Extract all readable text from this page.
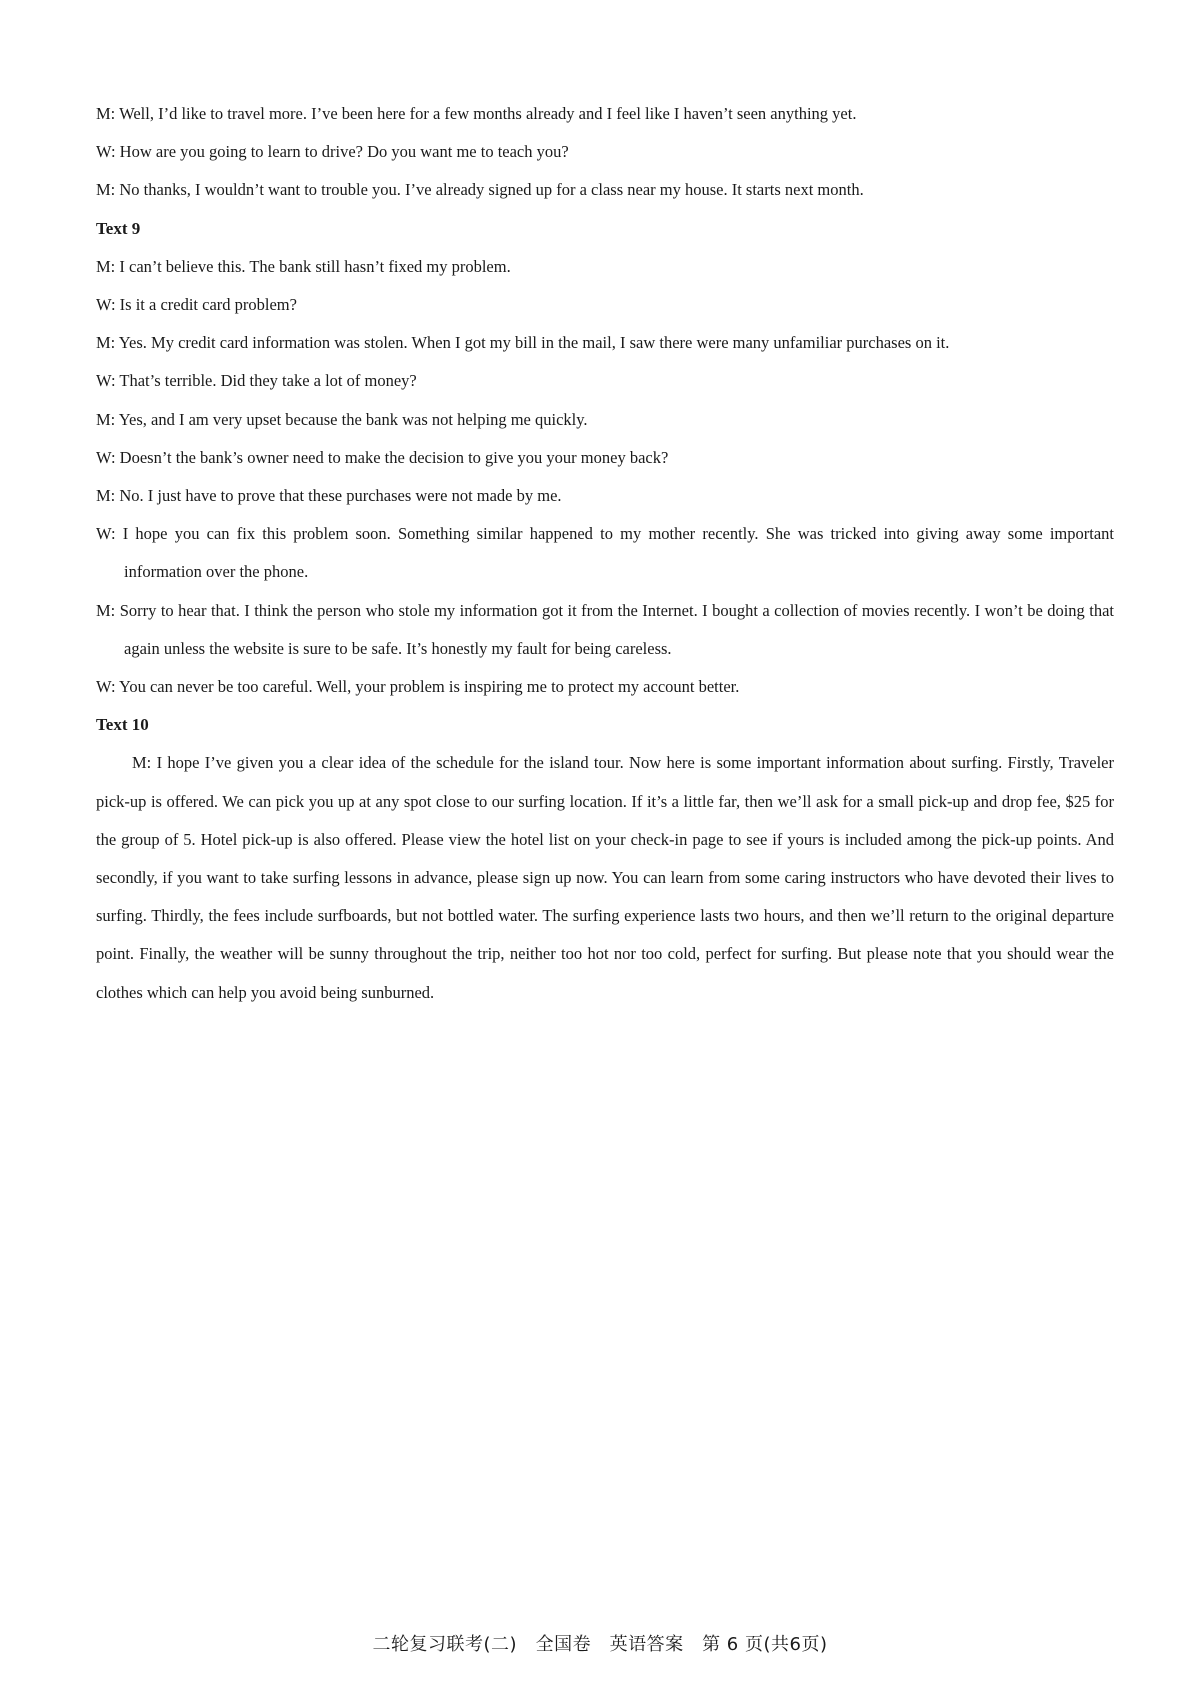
M: Well, I’d like to travel more. I’ve been here for a few months already and I feel like I haven’t seen anything yet.

W: How are you going to learn to drive? Do you want me to teach you?

M: No thanks, I wouldn’t want to trouble you. I’ve already signed up for a class near my house. It starts next month.

Text 9

M: I can’t believe this. The bank still hasn’t fixed my problem.

W: Is it a credit card problem?

M: Yes. My credit card information was stolen. When I got my bill in the mail, I saw there were many unfamiliar purchases on it.

W: That’s terrible. Did they take a lot of money?

M: Yes, and I am very upset because the bank was not helping me quickly.

W: Doesn’t the bank’s owner need to make the decision to give you your money back?

M: No. I just have to prove that these purchases were not made by me.

W: I hope you can fix this problem soon. Something similar happened to my mother recently. She was tricked into giving away some important information over the phone.

M: Sorry to hear that. I think the person who stole my information got it from the Internet. I bought a collection of movies recently. I won’t be doing that again unless the website is sure to be safe. It’s honestly my fault for being careless.

W: You can never be too careful. Well, your problem is inspiring me to protect my account better.

Text 10

M: I hope I’ve given you a clear idea of the schedule for the island tour. Now here is some important information about surfing. Firstly, Traveler pick-up is offered. We can pick you up at any spot close to our surfing location. If it’s a little far, then we’ll ask for a small pick-up and drop fee, $25 for the group of 5. Hotel pick-up is also offered. Please view the hotel list on your check-in page to see if yours is included among the pick-up points. And secondly, if you want to take surfing lessons in advance, please sign up now. You can learn from some caring instructors who have devoted their lives to surfing. Thirdly, the fees include surfboards, but not bottled water. The surfing experience lasts two hours, and then we’ll return to the original departure point. Finally, the weather will be sunny throughout the trip, neither too hot nor too cold, perfect for surfing. But please note that you should wear the clothes which can help you avoid being sunburned.

二轮复习联考(二)　全国卷　英语答案　第 6 页(共6页)
